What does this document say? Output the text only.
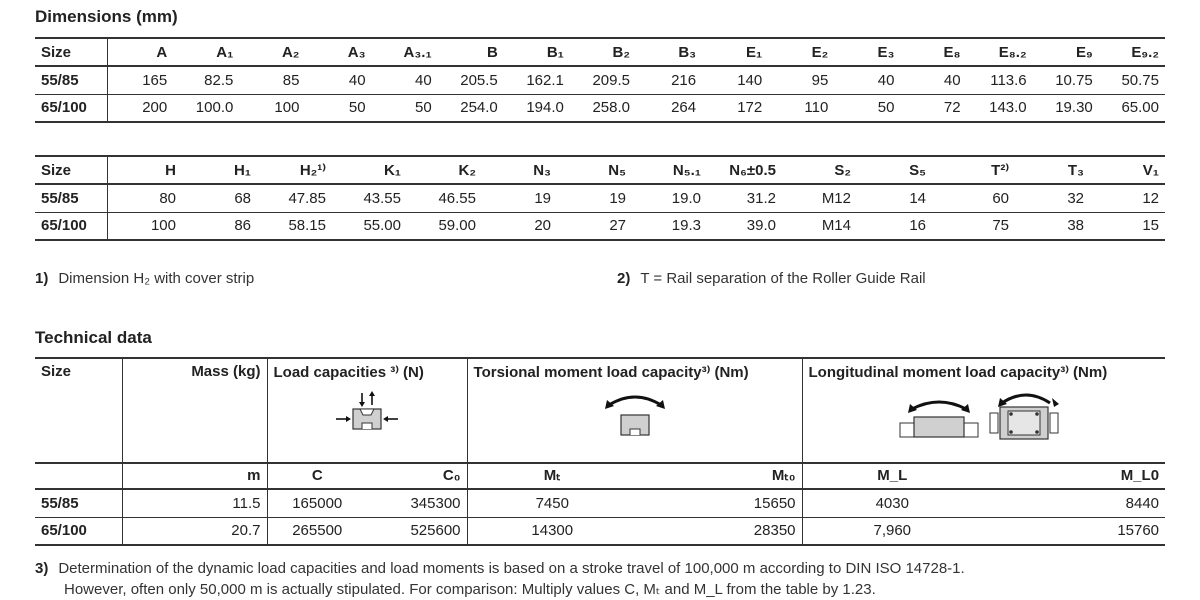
Dimensions (mm)
Size	A	A₁	A₂	A₃	A₃.₁	B	B₁	B₂	B₃	E₁	E₂	E₃	E₈	E₈.₂	E₉	E₉.₂
55/85	165	82.5	85	40	40	205.5	162.1	209.5	216	140	95	40	40	113.6	10.75	50.75
65/100	200	100.0	100	50	50	254.0	194.0	258.0	264	172	110	50	72	143.0	19.30	65.00
Size	H	H₁	H₂¹⁾	K₁	K₂	N₃	N₅	N₅.₁	N₆±0.5	S₂	S₅	T²⁾	T₃	V₁
55/85	80	68	47.85	43.55	46.55	19	19	19.0	31.2	M12	14	60	32	12
65/100	100	86	58.15	55.00	59.00	20	27	19.3	39.0	M14	16	75	38	15
1) Dimension H₂ with cover strip	2) T = Rail separation of the Roller Guide Rail
Technical data
Size	Mass (kg)	Load capacities ³⁾ (N)		Torsional moment load capacity³⁾ (Nm)		Longitudinal moment load capacity³⁾ (Nm)	

	m	C	C₀	Mₜ	Mₜ₀	M_L	M_L0
55/85	11.5	165000	345300	7450	15650	4030	8440
65/100	20.7	265500	525600	14300	28350	7,960	15760
3) Determination of the dynamic load capacities and load moments is based on a stroke travel of 100,000 m according to DIN ISO 14728-1.
However, often only 50,000 m is actually stipulated. For comparison: Multiply values C, Mₜ and M_L from the table by 1.23.
